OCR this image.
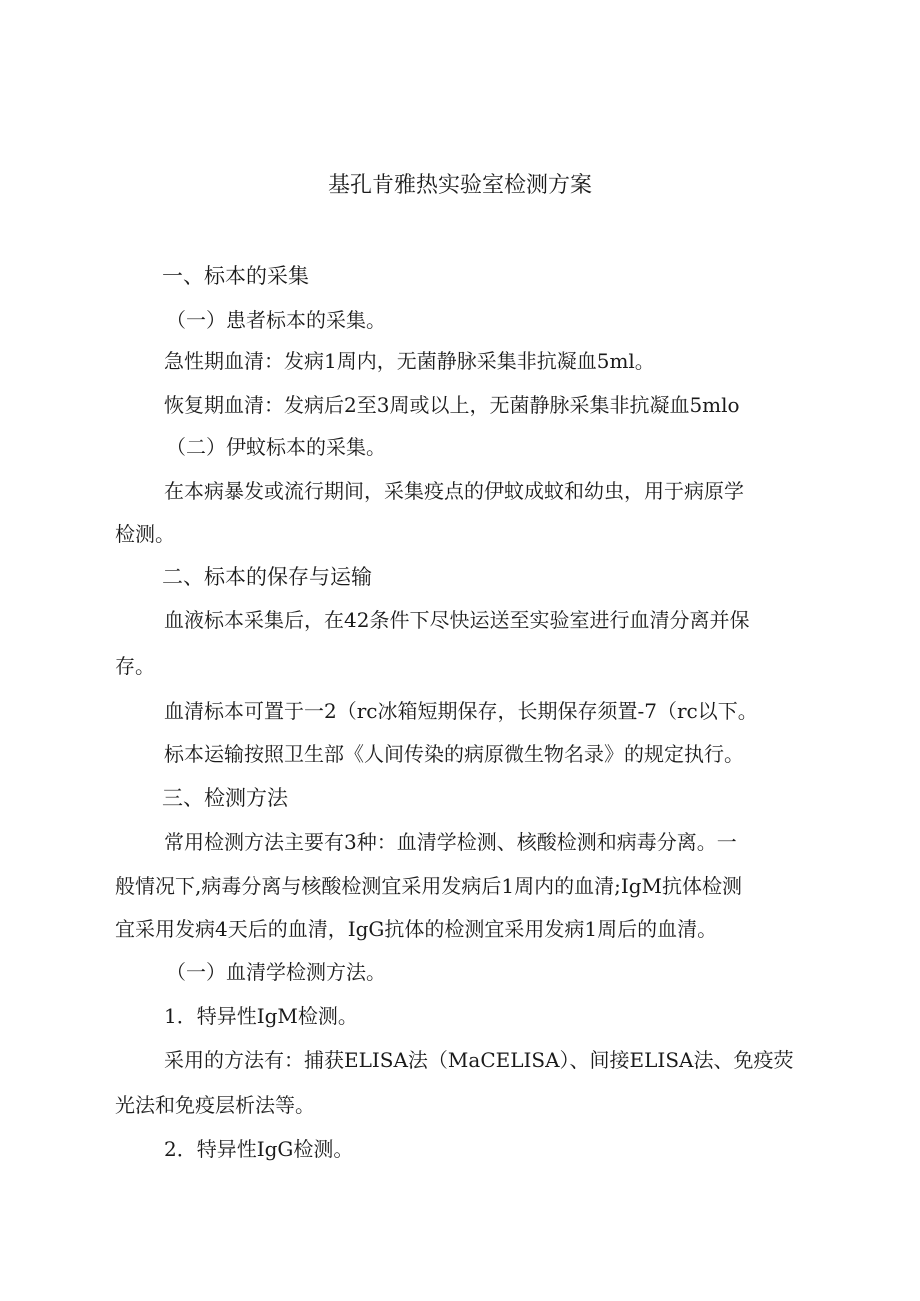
基孔肯雅热实验室检测方案
一、标本的采集
（一）患者标本的采集。
急性期血清：发病1周内，无菌静脉采集非抗凝血5ml。
恢复期血清：发病后2至3周或以上，无菌静脉采集非抗凝血5mlo
（二）伊蚊标本的采集。
在本病暴发或流行期间，采集疫点的伊蚊成蚊和幼虫，用于病原学
检测。
二、标本的保存与运输
血液标本采集后，在42条件下尽快运送至实验室进行血清分离并保
存。
血清标本可置于一2（rc冰箱短期保存，长期保存须置-7（rc以下。
标本运输按照卫生部《人间传染的病原微生物名录》的规定执行。
三、检测方法
常用检测方法主要有3种：血清学检测、核酸检测和病毒分离。一
般情况下,病毒分离与核酸检测宜采用发病后1周内的血清;IgM抗体检测
宜采用发病4天后的血清，IgG抗体的检测宜采用发病1周后的血清。
（一）血清学检测方法。
1．特异性IgM检测。
采用的方法有：捕获ELISA法（MaCELISA）、间接ELISA法、免疫荧
光法和免疫层析法等。
2．特异性IgG检测。
